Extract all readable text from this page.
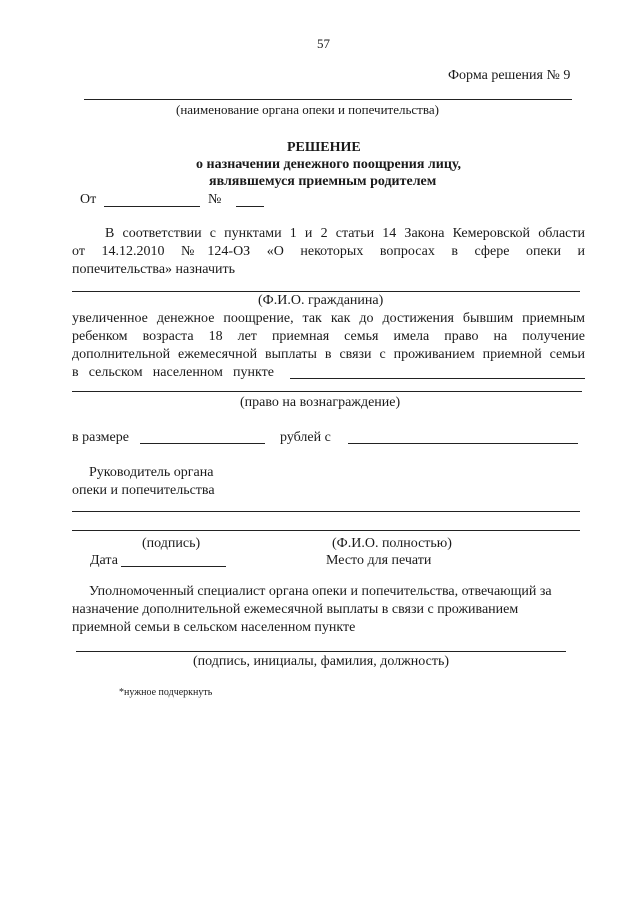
57
Форма решения № 9
(наименование органа опеки и попечительства)
РЕШЕНИЕ
о назначении денежного поощрения лицу,
являвшемуся приемным родителем
От	№
В соответствии с пунктами 1 и 2 статьи 14 Закона Кемеровской области
от 14.12.2010 №124-ОЗ «О некоторых вопросах в сфере опеки и
попечительства» назначить
(Ф.И.О. гражданина)
увеличенное денежное поощрение, так как до достижения бывшим приемным
ребенком возраста 18 лет приемная семья имела право на получение
дополнительной ежемесячной выплаты в связи с проживанием приемной семьи
в сельском населенном пункте
(право на вознаграждение)
в размере	рублей с
Руководитель органа
опеки и попечительства
(подпись)	(Ф.И.О. полностью)
Дата	Место для печати
Уполномоченный специалист органа опеки и попечительства, отвечающий за
назначение дополнительной ежемесячной выплаты в связи с проживанием
приемной семьи в сельском населенном пункте
(подпись, инициалы, фамилия, должность)
*нужное подчеркнуть
